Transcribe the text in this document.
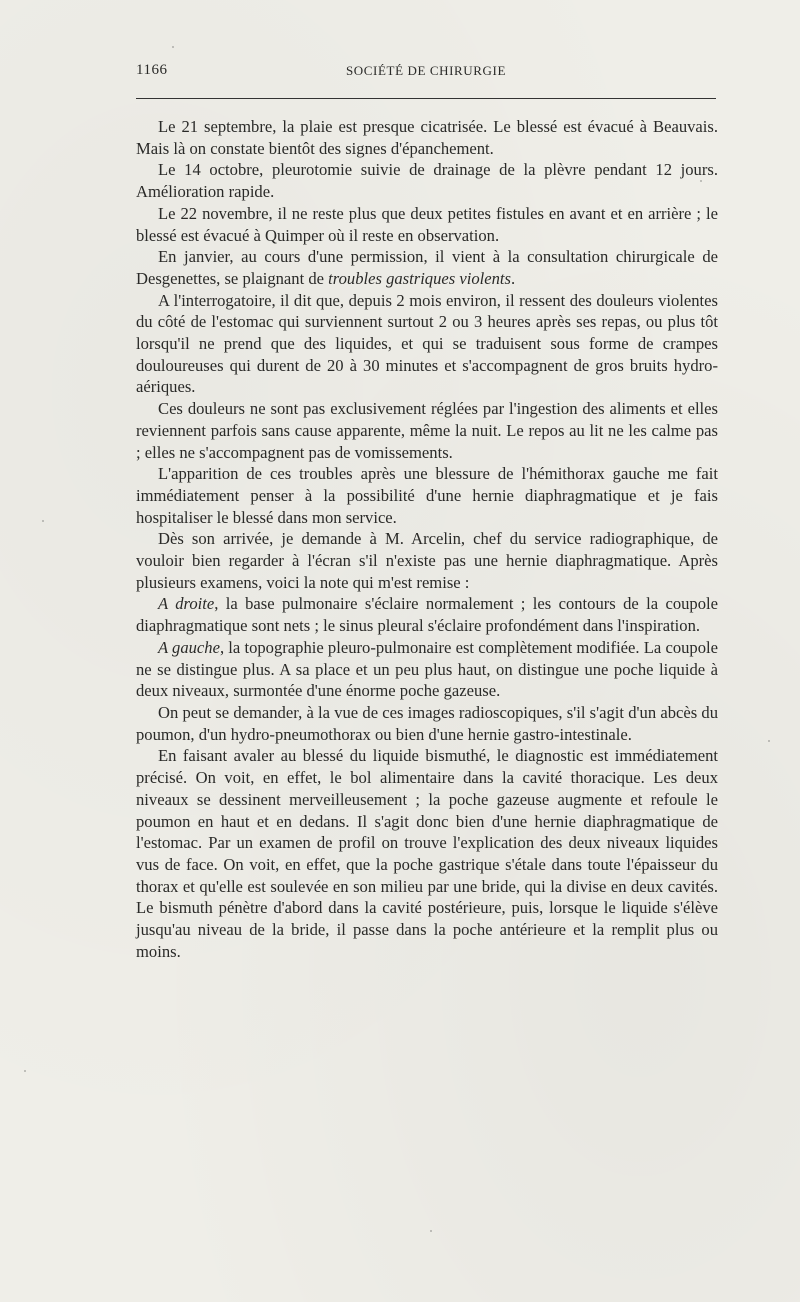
1166	SOCIÉTÉ DE CHIRURGIE

Le 21 septembre, la plaie est presque cicatrisée. Le blessé est évacué à Beauvais. Mais là on constate bientôt des signes d'épanchement.

Le 14 octobre, pleurotomie suivie de drainage de la plèvre pendant 12 jours. Amélioration rapide.

Le 22 novembre, il ne reste plus que deux petites fistules en avant et en arrière ; le blessé est évacué à Quimper où il reste en observation.

En janvier, au cours d'une permission, il vient à la consultation chirurgicale de Desgenettes, se plaignant de troubles gastriques violents.

A l'interrogatoire, il dit que, depuis 2 mois environ, il ressent des douleurs violentes du côté de l'estomac qui surviennent surtout 2 ou 3 heures après ses repas, ou plus tôt lorsqu'il ne prend que des liquides, et qui se traduisent sous forme de crampes douloureuses qui durent de 20 à 30 minutes et s'accompagnent de gros bruits hydro-aériques.

Ces douleurs ne sont pas exclusivement réglées par l'ingestion des aliments et elles reviennent parfois sans cause apparente, même la nuit. Le repos au lit ne les calme pas ; elles ne s'accompagnent pas de vomissements.

L'apparition de ces troubles après une blessure de l'hémithorax gauche me fait immédiatement penser à la possibilité d'une hernie diaphragmatique et je fais hospitaliser le blessé dans mon service.

Dès son arrivée, je demande à M. Arcelin, chef du service radiographique, de vouloir bien regarder à l'écran s'il n'existe pas une hernie diaphragmatique. Après plusieurs examens, voici la note qui m'est remise :

A droite, la base pulmonaire s'éclaire normalement ; les contours de la coupole diaphragmatique sont nets ; le sinus pleural s'éclaire profondément dans l'inspiration.

A gauche, la topographie pleuro-pulmonaire est complètement modifiée. La coupole ne se distingue plus. A sa place et un peu plus haut, on distingue une poche liquide à deux niveaux, surmontée d'une énorme poche gazeuse.

On peut se demander, à la vue de ces images radioscopiques, s'il s'agit d'un abcès du poumon, d'un hydro-pneumothorax ou bien d'une hernie gastro-intestinale.

En faisant avaler au blessé du liquide bismuthé, le diagnostic est immédiatement précisé. On voit, en effet, le bol alimentaire dans la cavité thoracique. Les deux niveaux se dessinent merveilleusement ; la poche gazeuse augmente et refoule le poumon en haut et en dedans. Il s'agit donc bien d'une hernie diaphragmatique de l'estomac. Par un examen de profil on trouve l'explication des deux niveaux liquides vus de face. On voit, en effet, que la poche gastrique s'étale dans toute l'épaisseur du thorax et qu'elle est soulevée en son milieu par une bride, qui la divise en deux cavités. Le bismuth pénètre d'abord dans la cavité postérieure, puis, lorsque le liquide s'élève jusqu'au niveau de la bride, il passe dans la poche antérieure et la remplit plus ou moins.
